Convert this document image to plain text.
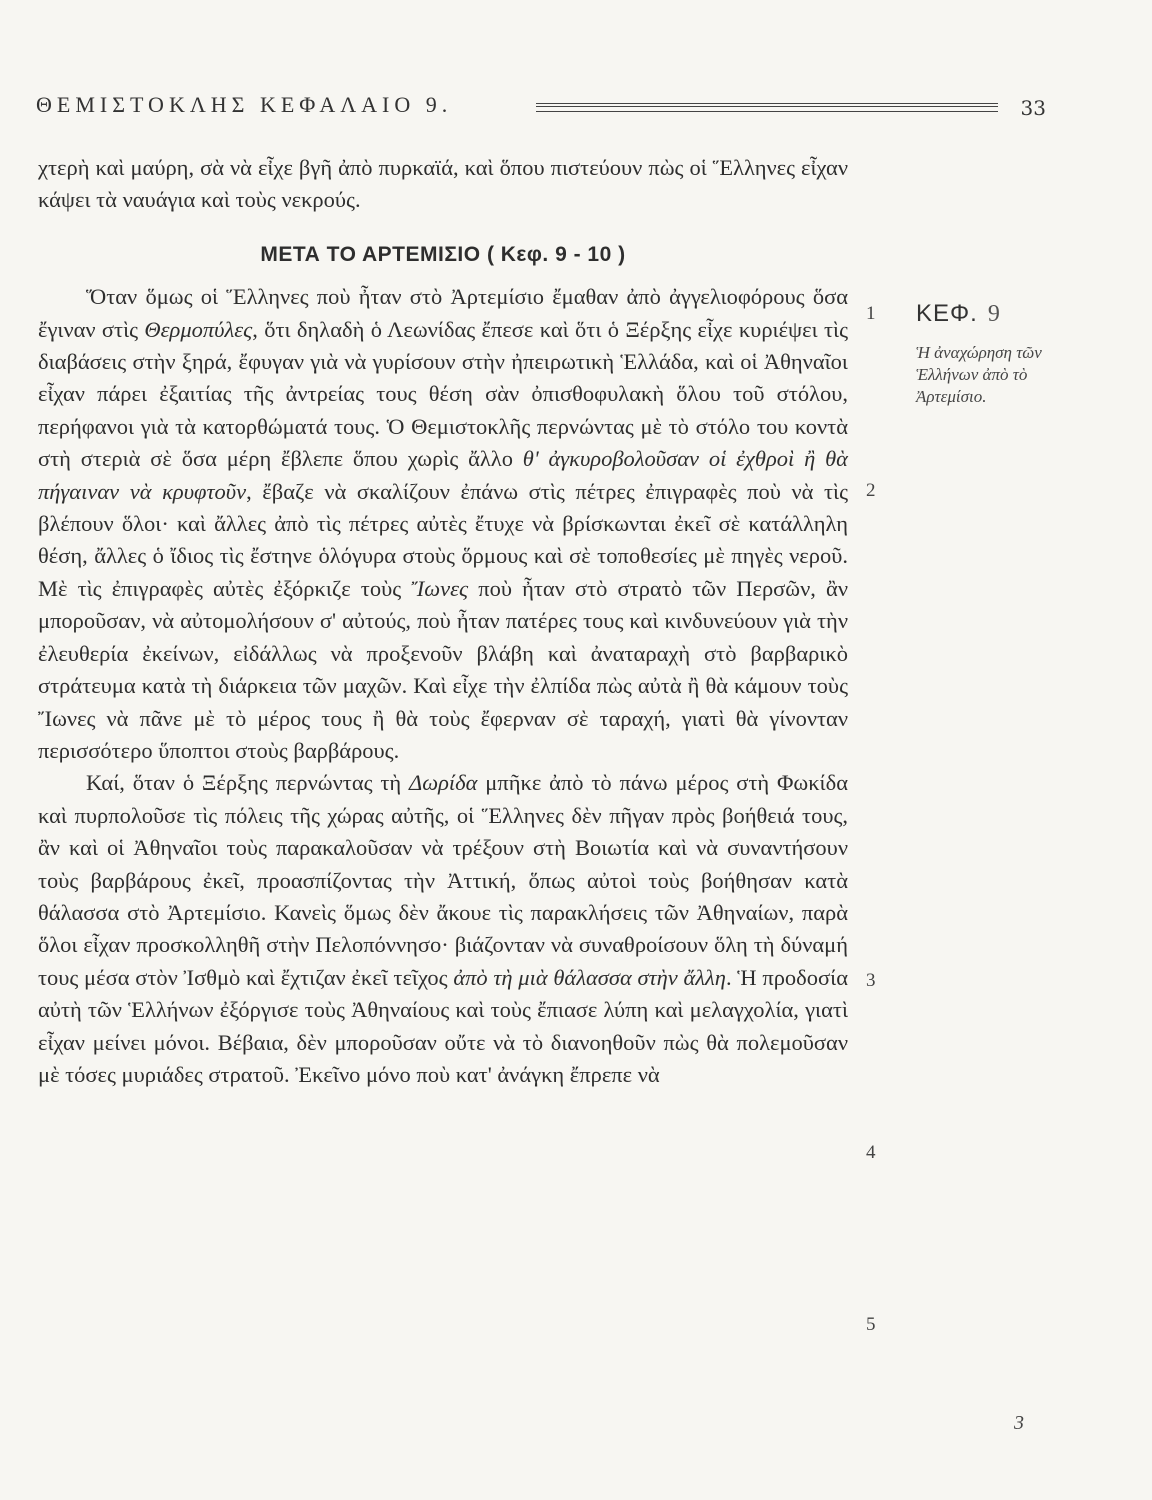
ΘΕΜΙΣΤΟΚΛΗΣ ΚΕΦΑΛΑΙΟ 9.	33

χτερὴ καὶ μαύρη, σὰ νὰ εἶχε βγῆ ἀπὸ πυρκαϊά, καὶ ὅπου πιστεύουν πὼς οἱ Ἕλληνες εἶχαν κάψει τὰ ναυάγια καὶ τοὺς νεκρούς.

ΜΕΤΑ ΤΟ ΑΡΤΕΜΙΣΙΟ ( Κεφ. 9 - 10 )

Ὅταν ὅμως οἱ Ἕλληνες ποὺ ἦταν στὸ Ἀρτεμίσιο ἔμαθαν ἀπὸ ἀγγελιοφόρους ὅσα ἔγιναν στὶς Θερμοπύλες, ὅτι δηλαδὴ ὁ Λεωνίδας ἔπεσε καὶ ὅτι ὁ Ξέρξης εἶχε κυριέψει τὶς διαβάσεις στὴν ξηρά, ἔφυγαν γιὰ νὰ γυρίσουν στὴν ἠπειρωτικὴ Ἑλλάδα, καὶ οἱ Ἀθηναῖοι εἶχαν πάρει ἐξαιτίας τῆς ἀντρείας τους θέση σὰν ὀπισθοφυλακὴ ὅλου τοῦ στόλου, περήφανοι γιὰ τὰ κατορθώματά τους. Ὁ Θεμιστοκλῆς περνώντας μὲ τὸ στόλο του κοντὰ στὴ στεριὰ σὲ ὅσα μέρη ἔβλεπε ὅπου χωρὶς ἄλλο θ' ἀγκυροβολοῦσαν οἱ ἐχθροὶ ἢ θὰ πήγαιναν νὰ κρυφτοῦν, ἔβαζε νὰ σκαλίζουν ἐπάνω στὶς πέτρες ἐπιγραφὲς ποὺ νὰ τὶς βλέπουν ὅλοι· καὶ ἄλλες ἀπὸ τὶς πέτρες αὐτὲς ἔτυχε νὰ βρίσκωνται ἐκεῖ σὲ κατάλληλη θέση, ἄλλες ὁ ἴδιος τὶς ἔστηνε ὁλόγυρα στοὺς ὅρμους καὶ σὲ τοποθεσίες μὲ πηγὲς νεροῦ. Μὲ τὶς ἐπιγραφὲς αὐτὲς ἐξόρκιζε τοὺς Ἴωνες ποὺ ἦταν στὸ στρατὸ τῶν Περσῶν, ἂν μποροῦσαν, νὰ αὐτομολήσουν σ' αὐτούς, ποὺ ἦταν πατέρες τους καὶ κινδυνεύουν γιὰ τὴν ἐλευθερία ἐκείνων, εἰδάλλως νὰ προξενοῦν βλάβη καὶ ἀναταραχὴ στὸ βαρβαρικὸ στράτευμα κατὰ τὴ διάρκεια τῶν μαχῶν. Καὶ εἶχε τὴν ἐλπίδα πὼς αὐτὰ ἢ θὰ κάμουν τοὺς Ἴωνες νὰ πᾶνε μὲ τὸ μέρος τους ἢ θὰ τοὺς ἔφερναν σὲ ταραχή, γιατὶ θὰ γίνονταν περισσότερο ὕποπτοι στοὺς βαρβάρους.

Καί, ὅταν ὁ Ξέρξης περνώντας τὴ Δωρίδα μπῆκε ἀπὸ τὸ πάνω μέρος στὴ Φωκίδα καὶ πυρπολοῦσε τὶς πόλεις τῆς χώρας αὐτῆς, οἱ Ἕλληνες δὲν πῆγαν πρὸς βοήθειά τους, ἂν καὶ οἱ Ἀθηναῖοι τοὺς παρακαλοῦσαν νὰ τρέξουν στὴ Βοιωτία καὶ νὰ συναντήσουν τοὺς βαρβάρους ἐκεῖ, προασπίζοντας τὴν Ἀττική, ὅπως αὐτοὶ τοὺς βοήθησαν κατὰ θάλασσα στὸ Ἀρτεμίσιο. Κανεὶς ὅμως δὲν ἄκουε τὶς παρακλήσεις τῶν Ἀθηναίων, παρὰ ὅλοι εἶχαν προσκολληθῆ στὴν Πελοπόννησο· βιάζονταν νὰ συναθροίσουν ὅλη τὴ δύναμή τους μέσα στὸν Ἰσθμὸ καὶ ἔχτιζαν ἐκεῖ τεῖχος ἀπὸ τὴ μιὰ θάλασσα στὴν ἄλλη. Ἡ προδοσία αὐτὴ τῶν Ἑλλήνων ἐξόργισε τοὺς Ἀθηναίους καὶ τοὺς ἔπιασε λύπη καὶ μελαγχολία, γιατὶ εἶχαν μείνει μόνοι. Βέβαια, δὲν μποροῦσαν οὔτε νὰ τὸ διανοηθοῦν πὼς θὰ πολεμοῦσαν μὲ τόσες μυριάδες στρατοῦ. Ἐκεῖνο μόνο ποὺ κατ' ἀνάγκη ἔπρεπε νὰ

1
2
3
4
5
ΚΕΦ. 9
Ἡ ἀναχώρηση τῶν Ἑλλήνων ἀπὸ τὸ Ἀρτεμίσιο.
3
